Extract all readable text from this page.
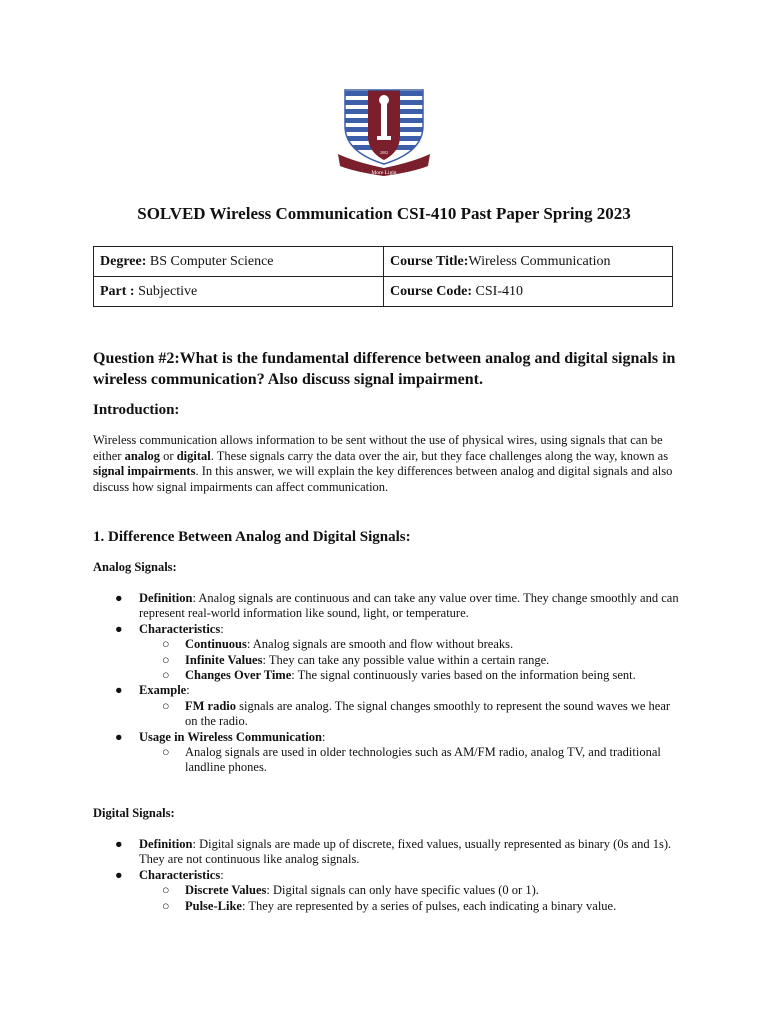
More Light
2002
SOLVED Wireless Communication CSI-410 Past Paper Spring 2023
Degree: BS Computer Science	Course Title:Wireless Communication
Part : Subjective	Course Code: CSI-410
Question #2:What is the fundamental difference between analog and digital signals in wireless communication? Also discuss signal impairment.
Introduction:

Wireless communication allows information to be sent without the use of physical wires, using signals that can be either analog or digital. These signals carry the data over the air, but they face challenges along the way, known as signal impairments. In this answer, we will explain the key differences between analog and digital signals and also discuss how signal impairments can affect communication.

1. Difference Between Analog and Digital Signals:
Analog Signals:
● Definition: Analog signals are continuous and can take any value over time. They change smoothly and can represent real-world information like sound, light, or temperature.
● Characteristics:
○ Continuous: Analog signals are smooth and flow without breaks.
○ Infinite Values: They can take any possible value within a certain range.
○ Changes Over Time: The signal continuously varies based on the information being sent.
● Example:
○ FM radio signals are analog. The signal changes smoothly to represent the sound waves we hear on the radio.
● Usage in Wireless Communication:
○ Analog signals are used in older technologies such as AM/FM radio, analog TV, and traditional landline phones.
Digital Signals:
● Definition: Digital signals are made up of discrete, fixed values, usually represented as binary (0s and 1s). They are not continuous like analog signals.
● Characteristics:
○ Discrete Values: Digital signals can only have specific values (0 or 1).
○ Pulse-Like: They are represented by a series of pulses, each indicating a binary value.
